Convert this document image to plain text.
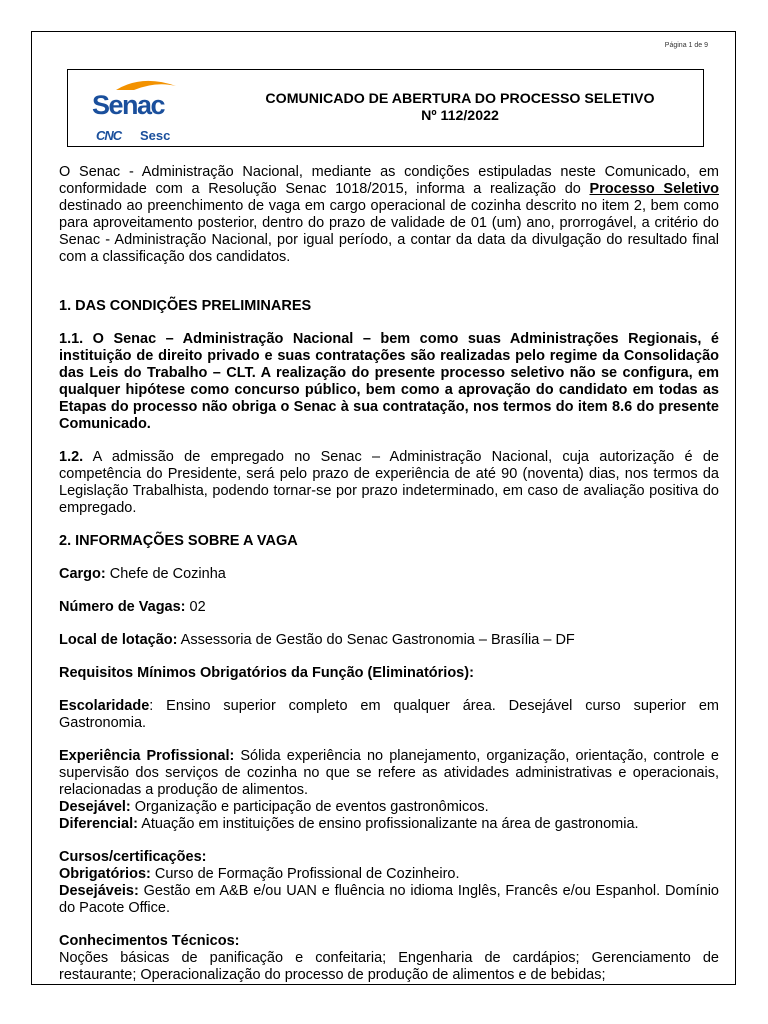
Página 1 de 9
Senac
CNC Sesc
COMUNICADO DE ABERTURA DO PROCESSO SELETIVO
Nº 112/2022

O Senac - Administração Nacional, mediante as condições estipuladas neste Comunicado, em conformidade com a Resolução Senac 1018/2015, informa a realização do Processo Seletivo destinado ao preenchimento de vaga em cargo operacional de cozinha descrito no item 2, bem como para aproveitamento posterior, dentro do prazo de validade de 01 (um) ano, prorrogável, a critério do Senac - Administração Nacional, por igual período, a contar da data da divulgação do resultado final com a classificação dos candidatos.

1. DAS CONDIÇÕES PRELIMINARES

1.1. O Senac – Administração Nacional – bem como suas Administrações Regionais, é instituição de direito privado e suas contratações são realizadas pelo regime da Consolidação das Leis do Trabalho – CLT. A realização do presente processo seletivo não se configura, em qualquer hipótese como concurso público, bem como a aprovação do candidato em todas as Etapas do processo não obriga o Senac à sua contratação, nos termos do item 8.6 do presente Comunicado.

1.2. A admissão de empregado no Senac – Administração Nacional, cuja autorização é de competência do Presidente, será pelo prazo de experiência de até 90 (noventa) dias, nos termos da Legislação Trabalhista, podendo tornar-se por prazo indeterminado, em caso de avaliação positiva do empregado.

2. INFORMAÇÕES SOBRE A VAGA

Cargo: Chefe de Cozinha

Número de Vagas: 02

Local de lotação: Assessoria de Gestão do Senac Gastronomia – Brasília – DF

Requisitos Mínimos Obrigatórios da Função (Eliminatórios):

Escolaridade: Ensino superior completo em qualquer área. Desejável curso superior em Gastronomia.

Experiência Profissional: Sólida experiência no planejamento, organização, orientação, controle e supervisão dos serviços de cozinha no que se refere as atividades administrativas e operacionais, relacionadas a produção de alimentos.

Desejável: Organização e participação de eventos gastronômicos.

Diferencial: Atuação em instituições de ensino profissionalizante na área de gastronomia.

Cursos/certificações:

Obrigatórios: Curso de Formação Profissional de Cozinheiro.

Desejáveis: Gestão em A&B e/ou UAN e fluência no idioma Inglês, Francês e/ou Espanhol. Domínio do Pacote Office.

Conhecimentos Técnicos:

Noções básicas de panificação e confeitaria; Engenharia de cardápios; Gerenciamento de restaurante; Operacionalização do processo de produção de alimentos e de bebidas;
